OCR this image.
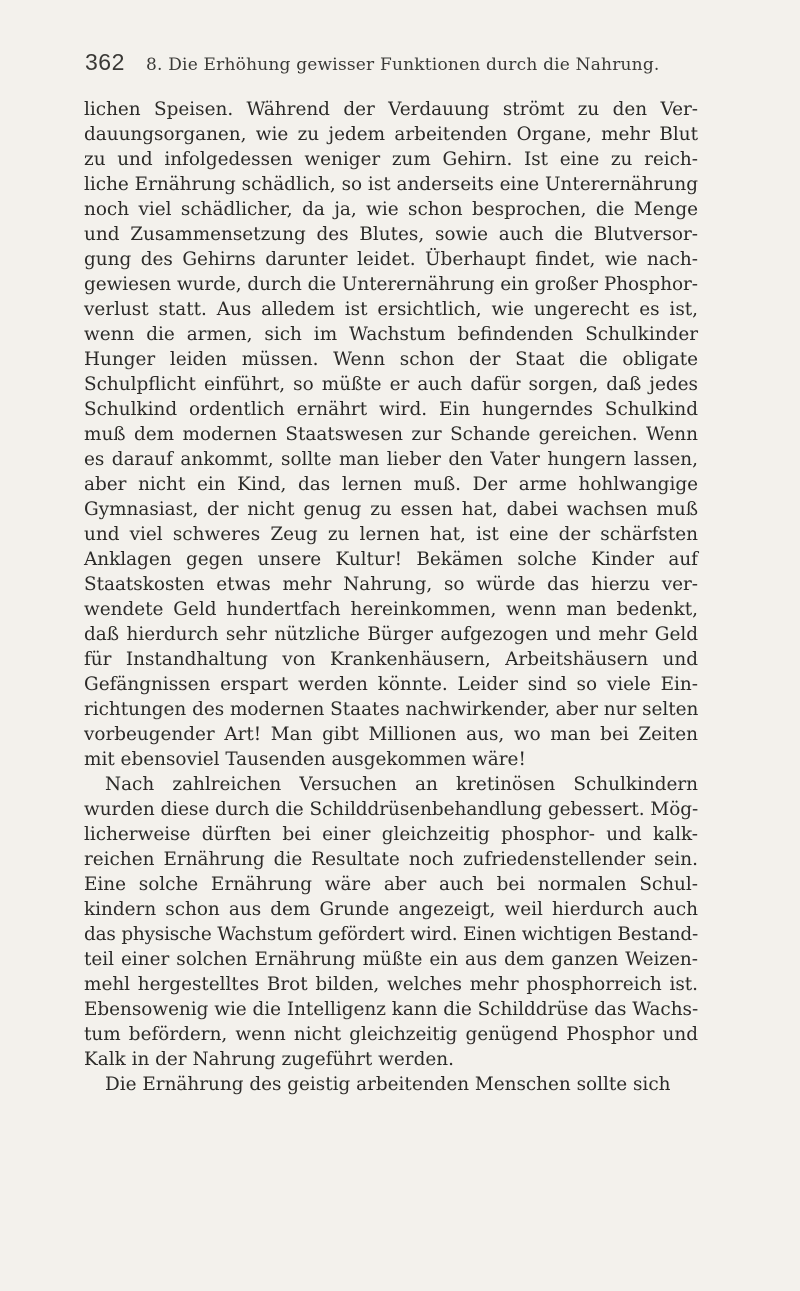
362	8. Die Erhöhung gewisser Funktionen durch die Nahrung.
lichen Speisen. Während der Verdauung strömt zu den Ver-
dauungsorganen, wie zu jedem arbeitenden Organe, mehr Blut
zu und infolgedessen weniger zum Gehirn. Ist eine zu reich-
liche Ernährung schädlich, so ist anderseits eine Unterernährung
noch viel schädlicher, da ja, wie schon besprochen, die Menge
und Zusammensetzung des Blutes, sowie auch die Blutversor-
gung des Gehirns darunter leidet. Überhaupt findet, wie nach-
gewiesen wurde, durch die Unterernährung ein großer Phosphor-
verlust statt. Aus alledem ist ersichtlich, wie ungerecht es ist,
wenn die armen, sich im Wachstum befindenden Schulkinder
Hunger leiden müssen. Wenn schon der Staat die obligate
Schulpflicht einführt, so müßte er auch dafür sorgen, daß jedes
Schulkind ordentlich ernährt wird. Ein hungerndes Schulkind
muß dem modernen Staatswesen zur Schande gereichen. Wenn
es darauf ankommt, sollte man lieber den Vater hungern lassen,
aber nicht ein Kind, das lernen muß. Der arme hohlwangige
Gymnasiast, der nicht genug zu essen hat, dabei wachsen muß
und viel schweres Zeug zu lernen hat, ist eine der schärfsten
Anklagen gegen unsere Kultur! Bekämen solche Kinder auf
Staatskosten etwas mehr Nahrung, so würde das hierzu ver-
wendete Geld hundertfach hereinkommen, wenn man bedenkt,
daß hierdurch sehr nützliche Bürger aufgezogen und mehr Geld
für Instandhaltung von Krankenhäusern, Arbeitshäusern und
Gefängnissen erspart werden könnte. Leider sind so viele Ein-
richtungen des modernen Staates nachwirkender, aber nur selten
vorbeugender Art! Man gibt Millionen aus, wo man bei Zeiten
mit ebensoviel Tausenden ausgekommen wäre!
Nach zahlreichen Versuchen an kretinösen Schulkindern
wurden diese durch die Schilddrüsenbehandlung gebessert. Mög-
licherweise dürften bei einer gleichzeitig phosphor- und kalk-
reichen Ernährung die Resultate noch zufriedenstellender sein.
Eine solche Ernährung wäre aber auch bei normalen Schul-
kindern schon aus dem Grunde angezeigt, weil hierdurch auch
das physische Wachstum gefördert wird. Einen wichtigen Bestand-
teil einer solchen Ernährung müßte ein aus dem ganzen Weizen-
mehl hergestelltes Brot bilden, welches mehr phosphorreich ist.
Ebensowenig wie die Intelligenz kann die Schilddrüse das Wachs-
tum befördern, wenn nicht gleichzeitig genügend Phosphor und
Kalk in der Nahrung zugeführt werden.
Die Ernährung des geistig arbeitenden Menschen sollte sich
